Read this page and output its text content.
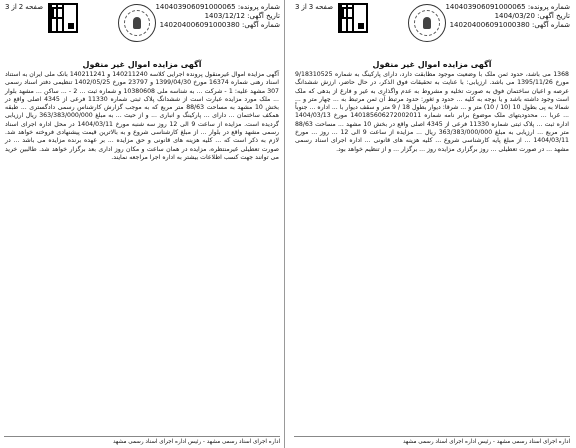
شماره پرونده: 140403906091000065
تاریخ آگهی: 1403/12/12
شماره آگهی: 140204006091000380
صفحه2از3
آگهی مزایده اموال غیر منقول
آگهی مزایده اموال غیرمنقول پرونده اجرایی کلاسه 140211240 و 140211241 بانک ملی ایران به استناد اسناد رهنی شماره 16374 مورخ 1399/04/30 و 23797 مورخ 1402/05/25 تنظیمی دفتر اسناد رسمی 307 مشهد علیه: 1 - شرکت ... به شناسه ملی 10380608 و شماره ثبت ... 2 - ... ساکن ... مشهد بلوار ... ملک مورد مزایده عبارت است از ششدانگ پلاک ثبتی شماره 11330 فرعی از 4345 اصلی واقع در بخش 10 مشهد به مساحت 88/63 متر مربع که به موجب گزارش کارشناس رسمی دادگستری ... طبقه همکف ساختمان ... دارای ... پارکینگ و انباری ... و از حیث ... به مبلغ 363/383/000/000 ریال ارزیابی گردیده است. مزایده از ساعت 9 الی 12 روز سه شنبه مورخ 1404/03/11 در محل اداره اجرای اسناد رسمی مشهد واقع در بلوار ... از مبلغ کارشناسی شروع و به بالاترین قیمت پیشنهادی فروخته خواهد شد. لازم به ذکر است که ... کلیه هزینه های قانونی و حق مزایده ... بر عهده برنده مزایده می باشد ... در صورت تعطیلی غیرمنتظره، مزایده در همان ساعت و مکان روز اداری بعد برگزار خواهد شد. طالبین خرید می توانند جهت کسب اطلاعات بیشتر به اداره اجرا مراجعه نمایند.
اداره اجرای اسناد رسمی مشهد - رئیس اداره اجرای اسناد رسمی مشهد
شماره پرونده: 140403906091000065
تاریخ آگهی: 1404/03/20
شماره آگهی: 140204006091000380
صفحه3از3
آگهی مزایده اموال غیر منقول
1368 می باشد، حدود ثمن ملک با وضعیت موجود مطابقت دارد، دارای پارکینگ به شماره 9/18310525 مورخ 1395/11/26 می باشد. ارزیابی: با عنایت به تحقیقات فوق الذکر، در حال حاضر، ارزش ششدانگ عرصه و اعیان ساختمان فوق به صورت تخلیه و مشروط به عدم واگذاری به غیر و فارغ از بدهی که ملک است وجود داشته باشد و یا بوجه به کلیه ... حدود و ثغور: حدود مرتبط آن ثمن مرتبط به ... چهار متر و ... شمالا به پی بطول 10 (10 / 10) متر و ... شرقا: دیوار بطول 18 / 9 متر و سقف دیوار با ... اداره ... جنوباً ... غربا ... محدودیتهای ملک موضوع برابر نامه شماره 140185606272002011 مورخ 1404/03/13 اداره ثبت ... پلاک ثبتی شماره 11330 فرعی از 4345 اصلی واقع در بخش 10 مشهد ... مساحت 88/63 متر مربع ... ارزیابی به مبلغ 363/383/000/000 ریال ... مزایده از ساعت 9 الی 12 ... روز ... مورخ 1404/03/11 ... از مبلغ پایه کارشناسی شروع ... کلیه هزینه های قانونی ... اداره اجرای اسناد رسمی مشهد ... در صورت تعطیلی ... روز برگزاری مزایده روز ... برگزار ... و از تنظیم خواهد بود.
اداره اجرای اسناد رسمی مشهد - رئیس اداره اجرای اسناد رسمی مشهد
